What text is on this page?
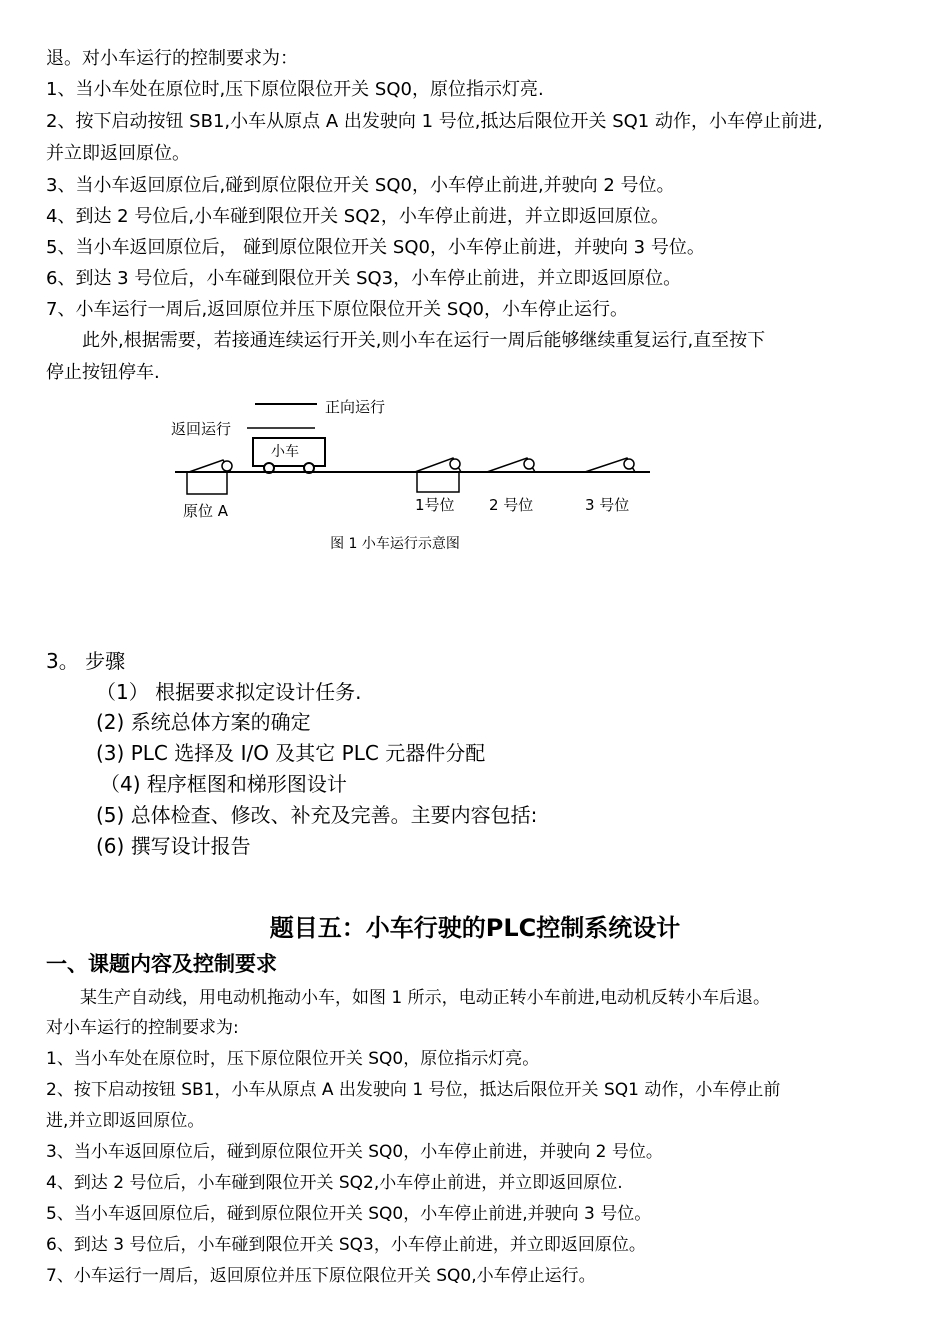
退。对小车运行的控制要求为：
1、当小车处在原位时,压下原位限位开关 SQ0，原位指示灯亮.
2、按下启动按钮 SB1,小车从原点 A 出发驶向 1 号位,抵达后限位开关 SQ1 动作，小车停止前进,
并立即返回原位。
3、当小车返回原位后,碰到原位限位开关 SQ0，小车停止前进,并驶向 2 号位。
4、到达 2 号位后,小车碰到限位开关 SQ2，小车停止前进，并立即返回原位。
5、当小车返回原位后， 碰到原位限位开关 SQ0，小车停止前进，并驶向 3 号位。
6、到达 3 号位后，小车碰到限位开关 SQ3，小车停止前进，并立即返回原位。
7、小车运行一周后,返回原位并压下原位限位开关 SQ0，小车停止运行。
　　此外,根据需要，若接通连续运行开关,则小车在运行一周后能够继续重复运行,直至按下
停止按钮停车.
正向运行
返回运行
小车
原位 A	1号位 2 号位	3 号位
图 1 小车运行示意图
3。 步骤
（1） 根据要求拟定设计任务.
(2) 系统总体方案的确定
(3) PLC 选择及 I/O 及其它 PLC 元器件分配
（4) 程序框图和梯形图设计
(5) 总体检查、修改、补充及完善。主要内容包括:
(6) 撰写设计报告
题目五：小车行驶的PLC控制系统设计
一、课题内容及控制要求
　　某生产自动线，用电动机拖动小车，如图 1 所示，电动正转小车前进,电动机反转小车后退。
对小车运行的控制要求为:
1、当小车处在原位时，压下原位限位开关 SQ0，原位指示灯亮。
2、按下启动按钮 SB1，小车从原点 A 出发驶向 1 号位，抵达后限位开关 SQ1 动作，小车停止前
进,并立即返回原位。
3、当小车返回原位后，碰到原位限位开关 SQ0，小车停止前进，并驶向 2 号位。
4、到达 2 号位后，小车碰到限位开关 SQ2,小车停止前进，并立即返回原位.
5、当小车返回原位后，碰到原位限位开关 SQ0，小车停止前进,并驶向 3 号位。
6、到达 3 号位后，小车碰到限位开关 SQ3，小车停止前进，并立即返回原位。
7、小车运行一周后，返回原位并压下原位限位开关 SQ0,小车停止运行。
